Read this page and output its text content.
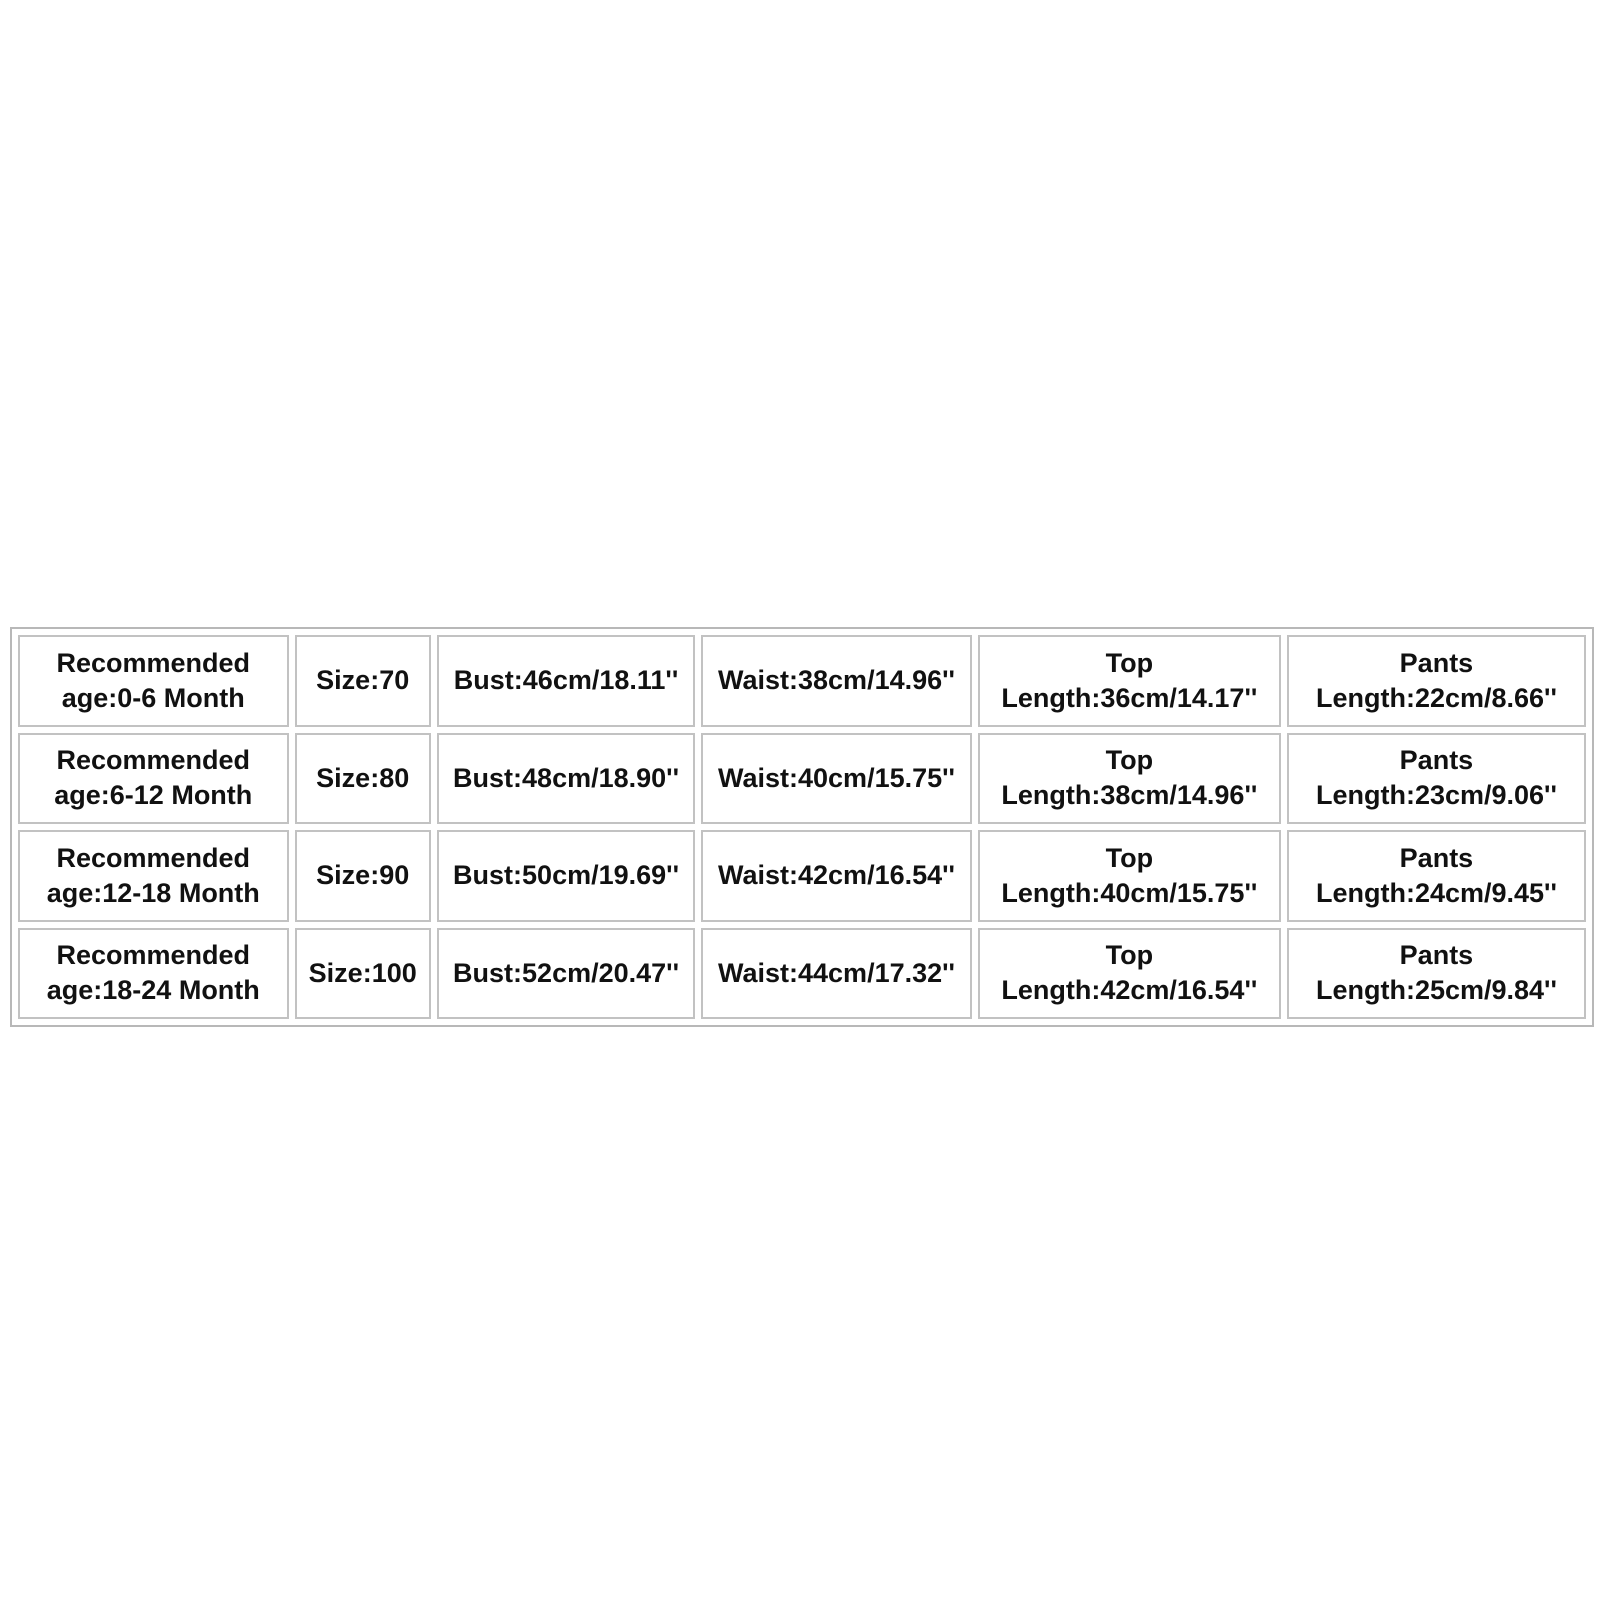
Recommended age:0-6 Month	Size:70	Bust:46cm/18.11''	Waist:38cm/14.96''	Top Length:36cm/14.17''	Pants Length:22cm/8.66''
Recommended age:6-12 Month	Size:80	Bust:48cm/18.90''	Waist:40cm/15.75''	Top Length:38cm/14.96''	Pants Length:23cm/9.06''
Recommended age:12-18 Month	Size:90	Bust:50cm/19.69''	Waist:42cm/16.54''	Top Length:40cm/15.75''	Pants Length:24cm/9.45''
Recommended age:18-24 Month	Size:100	Bust:52cm/20.47''	Waist:44cm/17.32''	Top Length:42cm/16.54''	Pants Length:25cm/9.84''
